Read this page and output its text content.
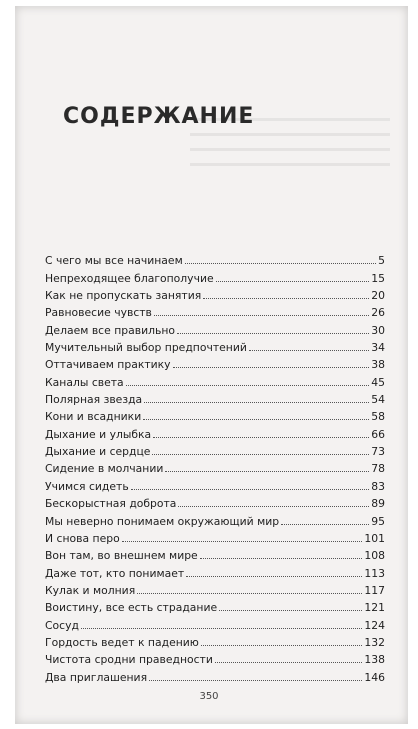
СОДЕРЖАНИЕ
С чего мы все начинаем	5
Непреходящее благополучие	15
Как не пропускать занятия	20
Равновесие чувств	26
Делаем все правильно	30
Мучительный выбор предпочтений	34
Оттачиваем практику	38
Каналы света	45
Полярная звезда	54
Кони и всадники	58
Дыхание и улыбка	66
Дыхание и сердце	73
Сидение в молчании	78
Учимся сидеть	83
Бескорыстная доброта	89
Мы неверно понимаем окружающий мир	95
И снова перо	101
Вон там, во внешнем мире	108
Даже тот, кто понимает	113
Кулак и молния	117
Воистину, все есть страдание	121
Сосуд	124
Гордость ведет к падению	132
Чистота сродни праведности	138
Два приглашения	146
350
